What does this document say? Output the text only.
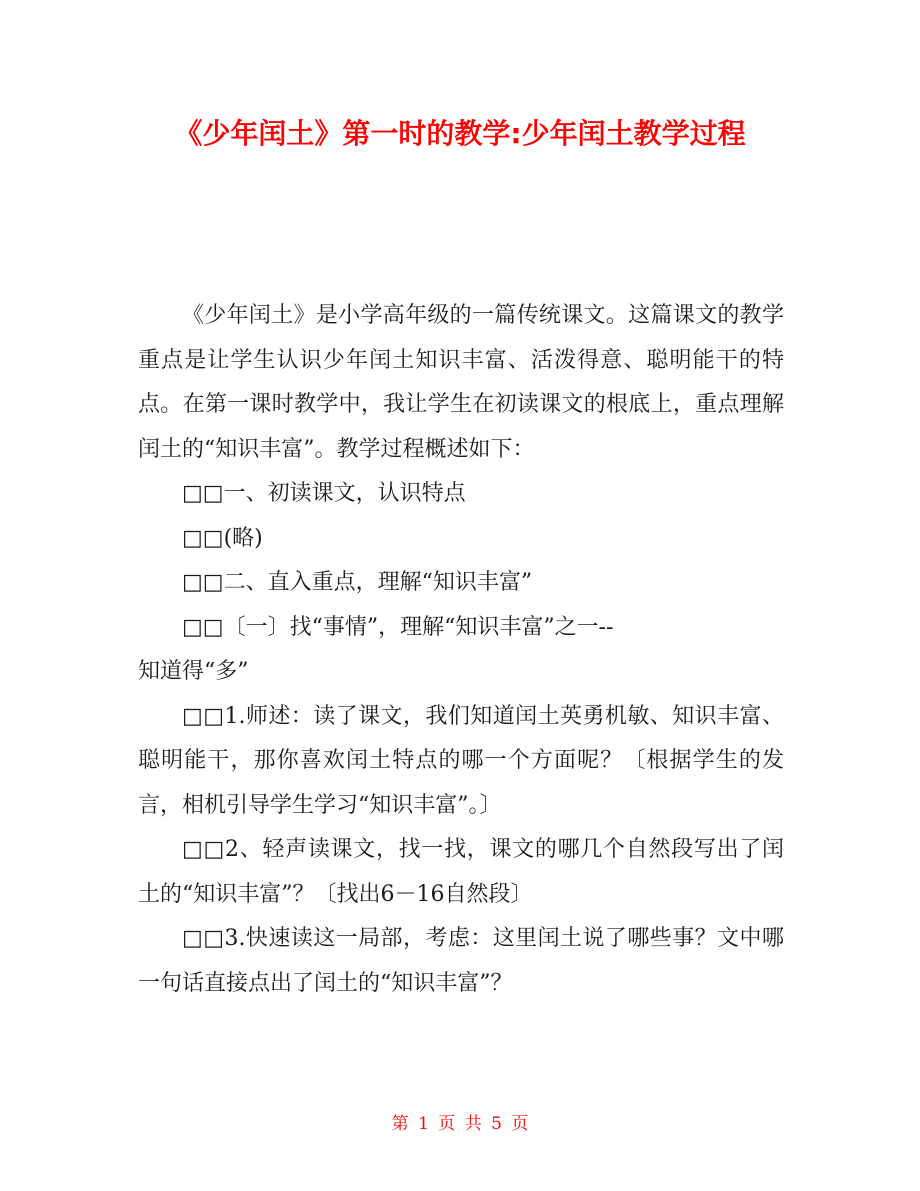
《少年闰土》第一时的教学:少年闰土教学过程

《少年闰土》是小学高年级的一篇传统课文。这篇课文的教学重点是让学生认识少年闰土知识丰富、活泼得意、聪明能干的特点。在第一课时教学中，我让学生在初读课文的根底上，重点理解闰土的“知识丰富”。教学过程概述如下：

□□一、初读课文，认识特点

□□(略)

□□二、直入重点，理解“知识丰富”

□□〔一〕找“事情”，理解“知识丰富”之一--

知道得“多”

□□1.师述：读了课文，我们知道闰土英勇机敏、知识丰富、聪明能干，那你喜欢闰土特点的哪一个方面呢？〔根据学生的发言，相机引导学生学习“知识丰富”。〕

□□2、轻声读课文，找一找，课文的哪几个自然段写出了闰土的“知识丰富”？〔找出6－16自然段〕

□□3.快速读这一局部，考虑：这里闰土说了哪些事？文中哪一句话直接点出了闰土的“知识丰富”？

第 1 页 共 5 页
